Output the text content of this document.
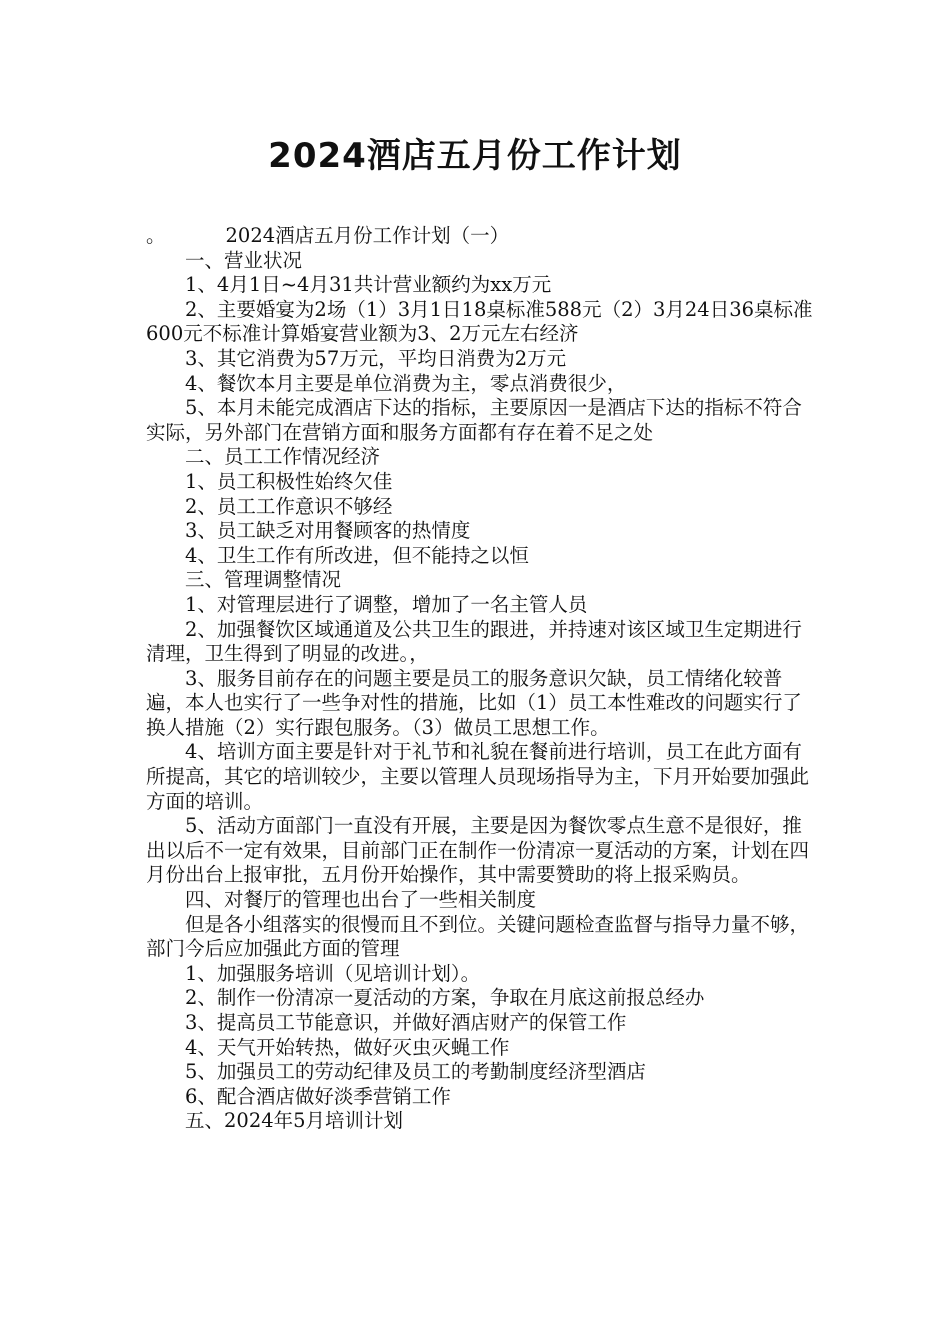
2024酒店五月份工作计划

。	2024酒店五月份工作计划（一）

一、营业状况

1、4月1日~4月31共计营业额约为xx万元

2、主要婚宴为2场（1）3月1日18桌标准588元（2）3月24日36桌标准600元不标准计算婚宴营业额为3、2万元左右经济

3、其它消费为57万元，平均日消费为2万元

4、餐饮本月主要是单位消费为主，零点消费很少，

5、本月未能完成酒店下达的指标，主要原因一是酒店下达的指标不符合实际，另外部门在营销方面和服务方面都有存在着不足之处

二、员工工作情况经济

1、员工积极性始终欠佳

2、员工工作意识不够经

3、员工缺乏对用餐顾客的热情度

4、卫生工作有所改进，但不能持之以恒

三、管理调整情况

1、对管理层进行了调整，增加了一名主管人员

2、加强餐饮区域通道及公共卫生的跟进，并持速对该区域卫生定期进行清理，卫生得到了明显的改进。，

3、服务目前存在的问题主要是员工的服务意识欠缺，员工情绪化较普遍，本人也实行了一些争对性的措施，比如（1）员工本性难改的问题实行了换人措施（2）实行跟包服务。（3）做员工思想工作。

4、培训方面主要是针对于礼节和礼貌在餐前进行培训，员工在此方面有所提高，其它的培训较少，主要以管理人员现场指导为主，下月开始要加强此方面的培训。

5、活动方面部门一直没有开展，主要是因为餐饮零点生意不是很好，推出以后不一定有效果，目前部门正在制作一份清凉一夏活动的方案，计划在四月份出台上报审批，五月份开始操作，其中需要赞助的将上报采购员。

四、对餐厅的管理也出台了一些相关制度

但是各小组落实的很慢而且不到位。关键问题检查监督与指导力量不够，部门今后应加强此方面的管理

1、加强服务培训（见培训计划）。

2、制作一份清凉一夏活动的方案，争取在月底这前报总经办

3、提高员工节能意识，并做好酒店财产的保管工作

4、天气开始转热，做好灭虫灭蝇工作

5、加强员工的劳动纪律及员工的考勤制度经济型酒店

6、配合酒店做好淡季营销工作

五、2024年5月培训计划
